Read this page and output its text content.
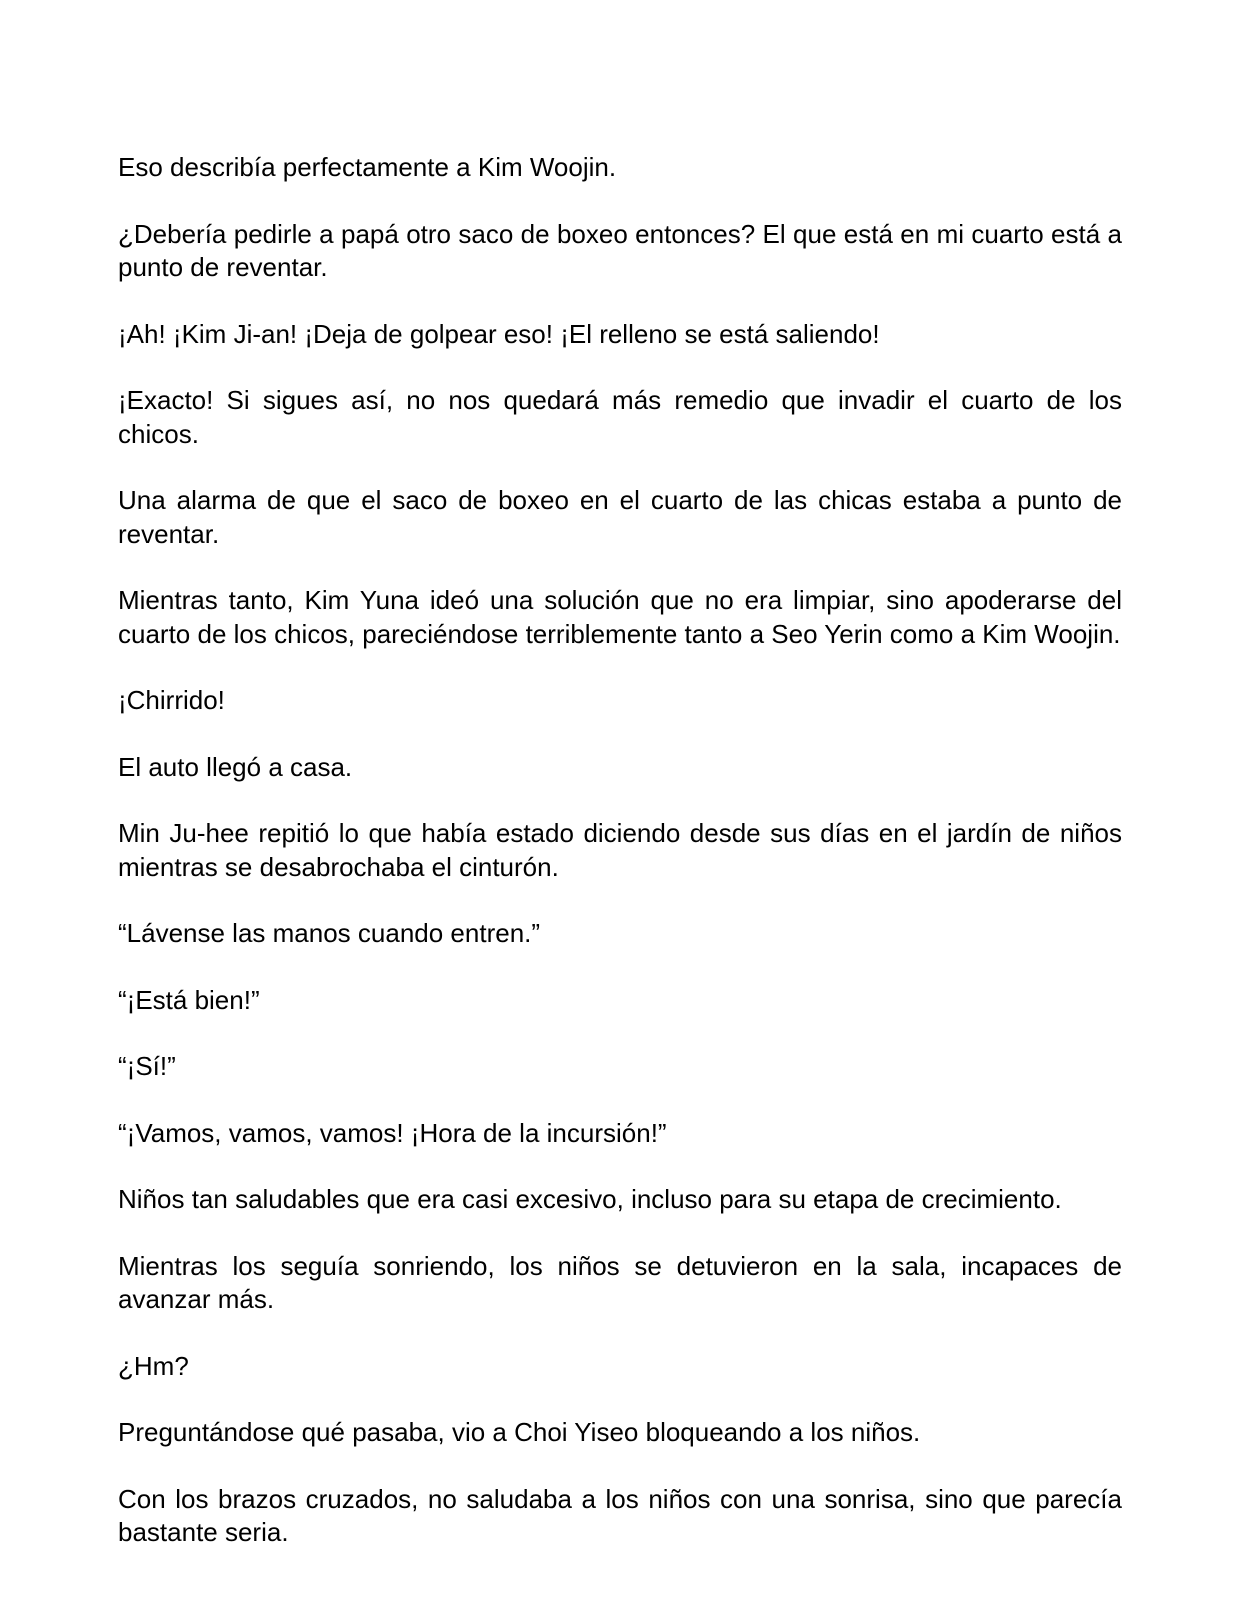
Eso describía perfectamente a Kim Woojin.

¿Debería pedirle a papá otro saco de boxeo entonces? El que está en mi cuarto está a punto de reventar.

¡Ah! ¡Kim Ji-an! ¡Deja de golpear eso! ¡El relleno se está saliendo!

¡Exacto! Si sigues así, no nos quedará más remedio que invadir el cuarto de los chicos.

Una alarma de que el saco de boxeo en el cuarto de las chicas estaba a punto de reventar.

Mientras tanto, Kim Yuna ideó una solución que no era limpiar, sino apoderarse del cuarto de los chicos, pareciéndose terriblemente tanto a Seo Yerin como a Kim Woojin.

¡Chirrido!

El auto llegó a casa.

Min Ju-hee repitió lo que había estado diciendo desde sus días en el jardín de niños mientras se desabrochaba el cinturón.

“Lávense las manos cuando entren.”

“¡Está bien!”

“¡Sí!”

“¡Vamos, vamos, vamos! ¡Hora de la incursión!”

Niños tan saludables que era casi excesivo, incluso para su etapa de crecimiento.

Mientras los seguía sonriendo, los niños se detuvieron en la sala, incapaces de avanzar más.

¿Hm?

Preguntándose qué pasaba, vio a Choi Yiseo bloqueando a los niños.

Con los brazos cruzados, no saludaba a los niños con una sonrisa, sino que parecía bastante seria.
